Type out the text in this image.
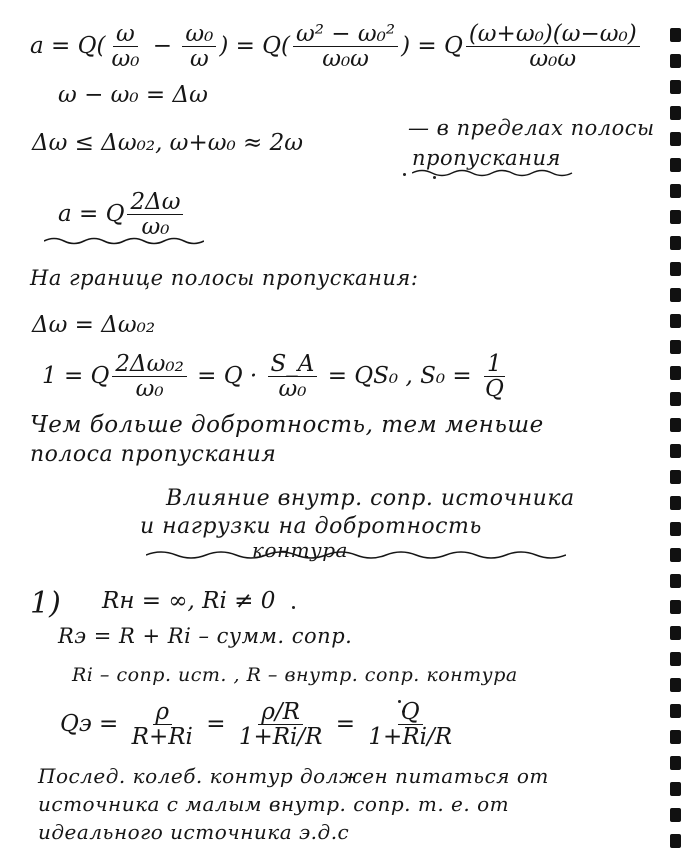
$a = Q( \frac{\omega}{\text{ω₀}} - \frac{\text{ω₀}}{\omega}$ ) = $Q( \frac{\text{ω² − ω₀²}}{\text{ω₀ω}}$ ) = Q $\frac{\text{(ω+ω₀)(ω−ω₀)}}{\text{ω₀ω}}$
ω − ω₀ = Δω
Δω ≤ Δω₀₂, ω+ω₀ ≈ 2ω
— в пределах полосы
пропускания
a = Q $\frac{2\Delta\omega}{\text{ω₀}}$
На границе полосы пропускания:
Δω = Δω₀₂
1 = Q $\frac{\text{2Δω₀₂}}{\text{ω₀}} = Q \cdot \frac{S\_A}{\text{ω₀}} = QS_0$ , $S_0 = \frac{1}{Q}$
Чем больше добротность, тем меньше
полоса пропускания
Влияние внутр. сопр. источника
и нагрузки на добротность
контура
1) Rн = ∞, Ri ≠ 0
Rэ = R + Ri – сумм. сопр.
Ri – сопр. ист. , R – внутр. сопр. контура
Qэ = $\frac{\rho}{R+Ri} = \frac{\rho/R}{1+Ri/R} = \frac{Q}{1+Ri/R}$
Послед. колеб. контур должен питаться от
источника с малым внутр. сопр. т. е. от
идеального источника э.д.с
